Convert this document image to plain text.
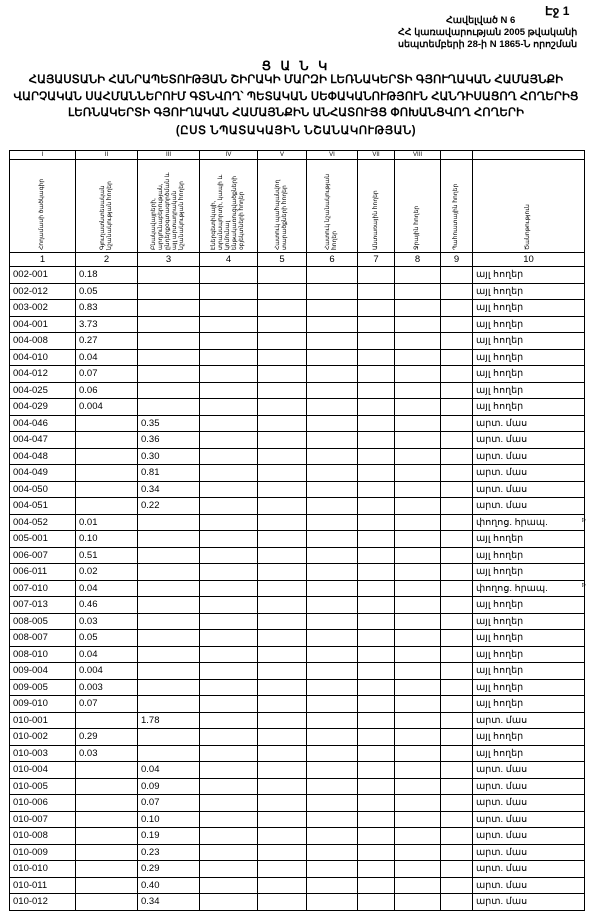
Էջ 1
Հավելված N 6
ՀՀ կառավարության 2005 թվականի
սեպտեմբերի 28-ի N 1865-Ն որոշման
Ց Ա Ն Կ
ՀԱՅԱՍՏԱՆԻ ՀԱՆՐԱՊԵՏՈՒԹՅԱՆ ՇԻՐԱԿԻ ՄԱՐԶԻ ԼԵՌՆԱԿԵՐՏԻ ԳՅՈՒՂԱԿԱՆ ՀԱՄԱՅՆՔԻ ՎԱՐՉԱԿԱՆ ՍԱՀՄԱՆՆԵՐՈՒՄ ԳՏՆՎՈՂ՝ ՊԵՏԱԿԱՆ ՍԵՓԱԿԱՆՈՒԹՅՈՒՆ ՀԱՆԴԻՍԱՑՈՂ ՀՈՂԵՐԻՑ ԼԵՌՆԱԿԵՐՏԻ ԳՅՈՒՂԱԿԱՆ ՀԱՄԱՅՆՔԻՆ ԱՆՀԱՏՈՒՅՑ ՓՈԽԱՆՑՎՈՂ ՀՈՂԵՐԻ
(ԸՍՏ ՆՊԱՏԱԿԱՅԻՆ ՆՇԱՆԱԿՈՒԹՅԱՆ)
I	II	III	IV	V	VI	VII	VIII		

Հողամասի ծածկագիր	Գյուղատնտեսական նշանակության հողեր	Բնակավայրերի, արդյունաբերության, ընդերքօգտագործման և այլ արտադրական նշանակության հողեր	Էներգետիկայի, տրանսպորտի, կապի և կոմունալ ենթակառուցվածքների օբյեկտների հողեր	Հատուկ պահպանվող տարածքների հողեր	Հատուկ նշանակության հողեր	Անտառային հողեր	Ջրային հողեր	Պահուստային հողեր	Ծանոթություն

1	2	3	4	5	6	7	8	9	10
002-001	0.18								այլ հողեր
002-012	0.05								այլ հողեր
003-002	0.83								այլ հողեր
004-001	3.73								այլ հողեր
004-008	0.27								այլ հողեր
004-010	0.04								այլ հողեր
004-012	0.07								այլ հողեր
004-025	0.06								այլ հողեր
004-029	0.004								այլ հողեր
004-046		0.35							արտ. մաս
004-047		0.36							արտ. մաս
004-048		0.30							արտ. մաս
004-049		0.81							արտ. մաս
004-050		0.34							արտ. մաս
004-051		0.22							արտ. մաս
004-052	0.01								փողոց. հրապ.
005-001	0.10								այլ հողեր
006-007	0.51								այլ հողեր
006-011	0.02								այլ հողեր
007-010	0.04								փողոց. հրապ.
007-013	0.46								այլ հողեր
008-005	0.03								այլ հողեր
008-007	0.05								այլ հողեր
008-010	0.04								այլ հողեր
009-004	0.004								այլ հողեր
009-005	0.003								այլ հողեր
009-010	0.07								այլ հողեր
010-001		1.78							արտ. մաս
010-002	0.29								այլ հողեր
010-003	0.03								այլ հողեր
010-004		0.04							արտ. մաս
010-005		0.09							արտ. մաս
010-006		0.07							արտ. մաս
010-007		0.10							արտ. մաս
010-008		0.19							արտ. մաս
010-009		0.23							արտ. մաս
010-010		0.29							արտ. մաս
010-011		0.40							արտ. մաս
010-012		0.34							արտ. մաս
▹
▹
